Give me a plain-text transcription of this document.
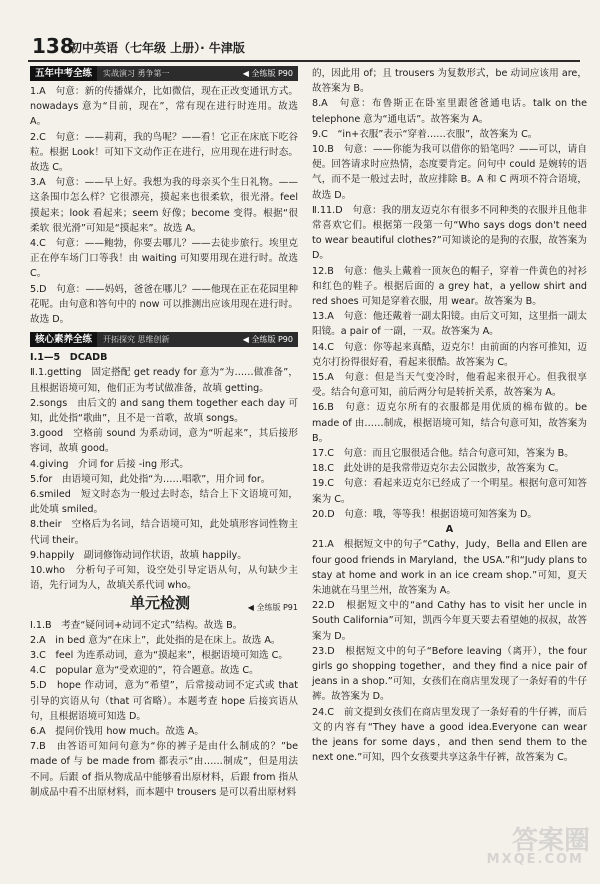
138
初中英语（七年级 上册）· 牛津版
五年中考全练	实战演习 勇争第一	◀ 全练版 P90

1.A　句意：新的传播媒介，比如微信，现在正改变通讯方式。nowadays 意为“目前，现在”，常有现在进行时连用。故选 A。

2.C　句意：——莉莉，我的鸟呢？——看！它正在床底下吃谷粒。根据 Look！可知下文动作正在进行，应用现在进行时态。故选 C。

3.A　句意：——早上好。我想为我的母亲买个生日礼物。——这条围巾怎么样？它很漂亮，摸起来也很柔软，很光滑。feel 摸起来；look 看起来；seem 好像；become 变得。根据“很柔软 很光滑”可知是“摸起来”。故选 A。

4.C　句意：——鲍勃，你要去哪儿？——去徒步旅行。埃里克正在停车场门口等我！由 waiting 可知要用现在进行时。故选 C。

5.D　句意：——妈妈，爸爸在哪儿？——他现在正在花园里种花呢。由句意和答句中的 now 可以推测出应该用现在进行时。故选 D。

核心素养全练	开拓探究 思维创新	◀ 全练版 P90

Ⅰ.1—5　DCADB

Ⅱ.1.getting　固定搭配 get ready for 意为“为……做准备”，且根据语境可知，他们正为考试做准备，故填 getting。

2.songs　由后文的 and sang them together each day 可知，此处指“歌曲”，且不是一首歌，故填 songs。

3.good　空格前 sound 为系动词，意为“听起来”，其后接形容词，故填 good。

4.giving　介词 for 后接 -ing 形式。

5.for　由语境可知，此处指“为……唱歌”，用介词 for。

6.smiled　短文时态为一般过去时态，结合上下文语境可知，此处填 smiled。

8.their　空格后为名词，结合语境可知，此处填形容词性物主代词 their。

9.happily　副词修饰动词作状语，故填 happily。

10.who　分析句子可知，设空处引导定语从句，从句缺少主语，先行词为人，故填关系代词 who。

单元检测	◀ 全练版 P91

Ⅰ.1.B　考查“疑问词+动词不定式”结构。故选 B。

2.A　in bed 意为“在床上”，此处指的是在床上。故选 A。

3.C　feel 为连系动词，意为“摸起来”，根据语境可知选 C。

4.C　popular 意为“受欢迎的”，符合题意。故选 C。

5.D　hope 作动词，意为“希望”，后常接动词不定式或 that 引导的宾语从句（that 可省略）。本题考查 hope 后接宾语从句，且根据语境可知选 D。

6.A　提问价钱用 how much。故选 A。

7.B　由答语可知问句意为“你的裤子是由什么制成的？”be made of 与 be made from 都表示“由……制成”，但是用法不同。后跟 of 指从物成品中能够看出原材料，后跟 from 指从制成品中看不出原材料，而本题中 trousers 是可以看出原材料

的，因此用 of；且 trousers 为复数形式，be 动词应该用 are，故答案为 B。

8.A　句意：布鲁斯正在卧室里跟爸爸通电话。talk on the telephone 意为“通电话”。故答案为 A。

9.C　“in+衣服”表示“穿着……衣服”，故答案为 C。

10.B　句意：——你能为我可以借你的铅笔吗？——可以，请自便。回答请求时应热情，态度要肯定。问句中 could 是婉转的语气，而不是一般过去时，故应排除 B。A 和 C 两项不符合语境，故选 D。

Ⅱ.11.D　句意：我的朋友迈克尔有很多不同种类的衣服并且他非常喜欢它们。根据第一段第一句“Who says dogs don't need to wear beautiful clothes?”可知谈论的是狗的衣服，故答案为 D。

12.B　句意：他头上戴着一顶灰色的帽子，穿着一件黄色的衬衫和红色的鞋子。根据后面的 a grey hat，a yellow shirt and red shoes 可知是穿着衣服，用 wear。故答案为 B。

13.A　句意：他还戴着一副太阳镜。由后文可知，这里指一副太阳镜。a pair of 一副，一双。故答案为 A。

14.C　句意：你等起来真酷，迈克尔！由前面的内容可推知，迈克尔打扮得很好看，看起来很酷。故答案为 C。

15.A　句意：但是当天气变冷时，他看起来很开心。但我很享受。结合句意可知，前后两分句是转折关系，故答案为 A。

16.B　句意：迈克尔所有的衣服都是用优质的棉布做的。be made of 由……制成，根据语境可知，结合句意可知，故答案为 B。

17.C　句意：而且它服很适合他。结合句意可知，答案为 B。

18.C　此处讲的是我常带迈克尔去公园散步，故答案为 C。

19.C　句意：看起来迈克尔已经成了一个明星。根据句意可知答案为 C。

20.D　句意：哦，等等我！根据语境可知答案为 D。

A

21.A　根据短文中的句子“Cathy，Judy，Bella and Ellen are four good friends in Maryland，the USA.”和“Judy plans to stay at home and work in an ice cream shop.”可知，夏天朱迪就在马里兰州，故答案为 A。

22.D　根据短文中的“and Cathy has to visit her uncle in South California”可知，凯西今年夏天要去看望她的叔叔，故答案为 D。

23.D　根据短文中的句子“Before leaving（离开），the four girls go shopping together，and they find a nice pair of jeans in a shop.”可知，女孩们在商店里发现了一条好看的牛仔裤。故答案为 D。

24.C　前文提到女孩们在商店里发现了一条好看的牛仔裤，而后文的内容有“They have a good idea.Everyone can wear the jeans for some days，and then send them to the next one.”可知，四个女孩要共享这条牛仔裤，故答案为 C。

答案圈
MXQE.COM
